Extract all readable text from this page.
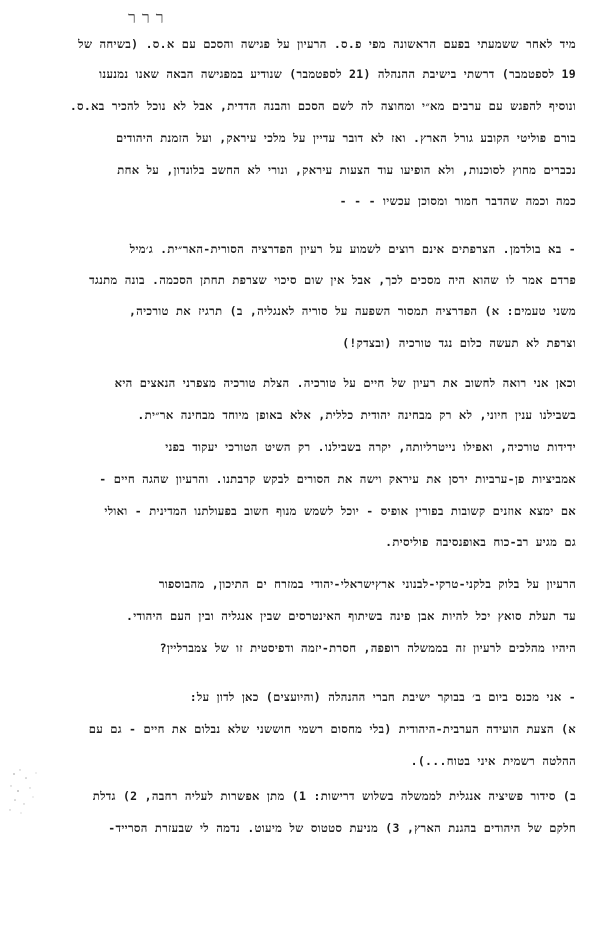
ררר
מיד לאחר ששמעתי בפעם הראשונה מפי פ.ס. הרעיון על פגישה והסכם עם א.ס. (בשיחה של
19 לספטמבר) דרשתי בישיבת ההנהלה (21 לספטמבר) שנודיע במפגישה הבאה שאנו נמנענו
ונוסיף להפגש עם ערבים מא״י ומחוצה לה לשם הסכם והבנה הדדית, אבל לא נוכל להכיר בא.ס.
בורם פוליטי הקובע גורל הארץ. ואז לא דובר עדיין על מלכי עיראק, ועל הזמנת היהודים
נכברים מחוץ לסוכנות, ולא הופיעו עוד הצעות עיראק, ונורי לא החשב בלונדון, על אחת
כמה וכמה שהדבר חמור ומסוכן עכשיו - - -
- בא בולדמן. הצרפתים אינם רוצים לשמוע על רעיון הפדרציה הסורית-האר״ית. ג׳מיל
פרדם אמר לו שהוא היה מסכים לכך, אבל אין שום סיכוי שצרפת תחתן הסכמה. בונה מתנגד
משני טעמים: א) הפדרציה תמסור השפעה על סוריה לאנגליה, ב) תרגיז את טורכיה,
וצרפת לא תעשה כלום נגד טורכיה (ובצדק!)
וכאן אני רואה לחשוב את רעיון של חיים על טורכיה. הצלת טורכיה מצפרני הנאצים היא
בשבילנו ענין חיוני, לא רק מבחינה יהודית כללית, אלא באופן מיוחד מבחינה אר״ית.
ידידות טורכיה, ואפילו נייטרליותה, יקרה בשבילנו. רק השיט הטורכי יעקוד בפני
אמביציות פן-ערביות ירסן את עיראק וישה את הסורים לבקש קרבתנו. והרעיון שהגה חיים -
אם ימצא אוזנים קשובות בפורין אופיס - יוכל לשמש מנוף חשוב בפעולתנו המדינית - ואולי
גם מגיע רב-כוח באופנסיבה פוליסית.
הרעיון על בלוק בלקני-טרקי-לבנוני ארץישראלי-יהודי במזרח ים התיכון, מהבוספור
עד תעלת סואץ יכל להיות אבן פינה בשיתוף האינטרסים שבין אנגליה ובין העם היהודי.
היהיו מהלכים לרעיון זה בממשלה רופפה, חסרת-יזמה ודפיסטית זו של צמברליין?
- אני מכנס ביום ב׳ בבוקר ישיבת חברי ההנהלה (והיועצים) כאן לדון על:
א) הצעת הועידה הערבית-היהודית (בלי מחסום רשמי חוששני שלא נבלום את חיים - גם עם
ההלטה רשמית איני בטוח...).
ב) סידור פשיציה אנגלית לממשלה בשלוש דרישות: 1) מתן אפשרות לעליה רחבה, 2) גדלת
חלקם של היהודים בהגנת הארץ, 3) מניעת סטטוס של מיעוט. נדמה לי שבעזרת הסרייד-
